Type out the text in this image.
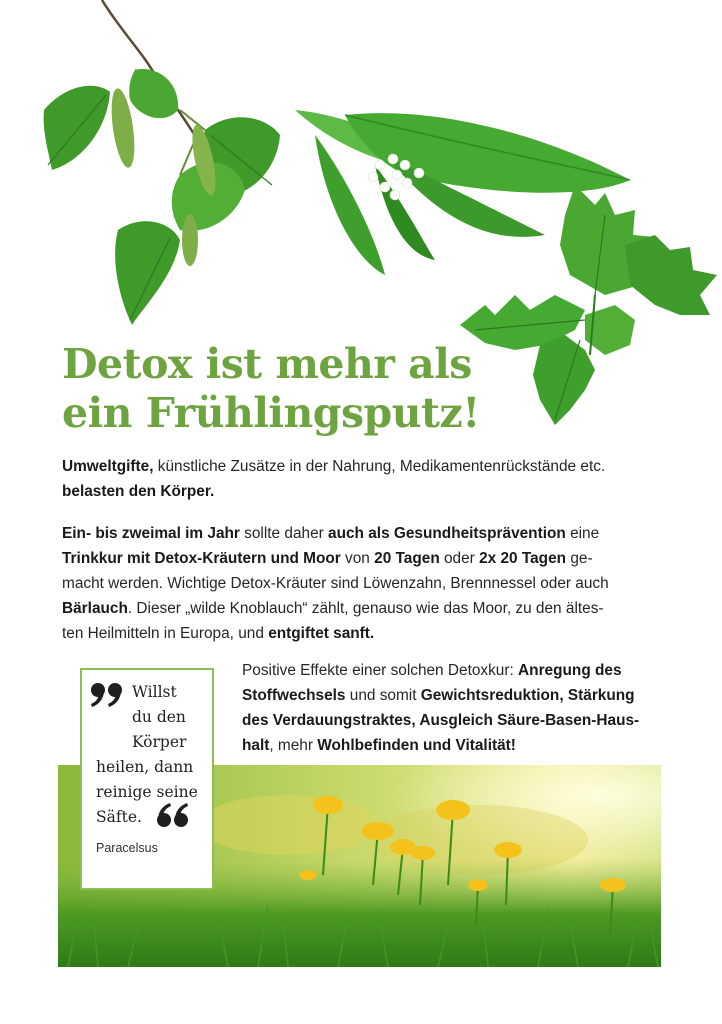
Detox ist mehr als
ein Frühlingsputz!
Umweltgifte, künstliche Zusätze in der Nahrung, Medikamentenrückstände etc.
belasten den Körper.
Ein- bis zweimal im Jahr sollte daher auch als Gesundheitsprävention eine
Trinkkur mit Detox-Kräutern und Moor von 20 Tagen oder 2x 20 Tagen ge-
macht werden. Wichtige Detox-Kräuter sind Löwenzahn, Brennnessel oder auch
Bärlauch. Dieser „wilde Knoblauch“ zählt, genauso wie das Moor, zu den ältes-
ten Heilmitteln in Europa, und entgiftet sanft.
Positive Effekte einer solchen Detoxkur: Anregung des
Stoffwechsels und somit Gewichtsreduktion, Stärkung
des Verdauungstraktes, Ausgleich Säure-Basen-Haus-
halt, mehr Wohlbefinden und Vitalität!
Willst
du den
Körper
heilen, dann
reinige seine
Säfte.
Paracelsus
